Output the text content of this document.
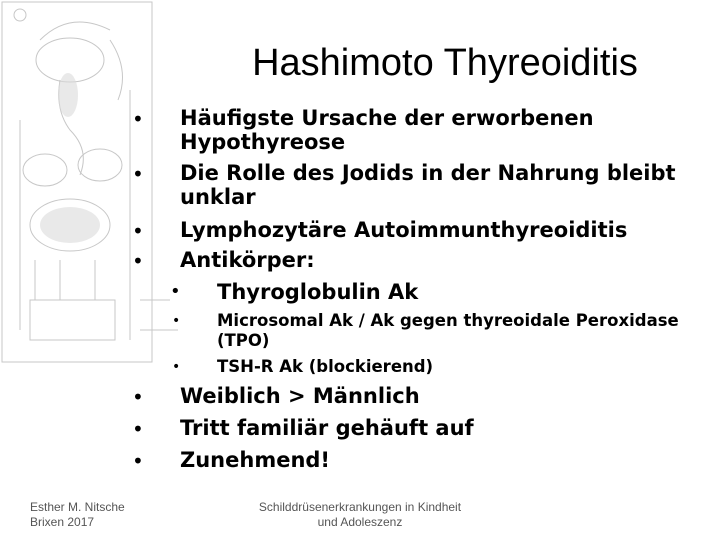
Hashimoto Thyreoiditis
• Häufigste Ursache der erworbenen
Hypothyreose
• Die Rolle des Jodids in der Nahrung bleibt
unklar
• Lymphozytäre Autoimmunthyreoiditis
• Antikörper:
• Thyroglobulin Ak
• Microsomal Ak / Ak gegen thyreoidale Peroxidase
(TPO)
• TSH-R Ak (blockierend)
• Weiblich > Männlich
• Tritt familiär gehäuft auf
• Zunehmend!
Esther M. Nitsche
Brixen 2017
Schilddrüsenerkrankungen in Kindheit
und Adoleszenz
